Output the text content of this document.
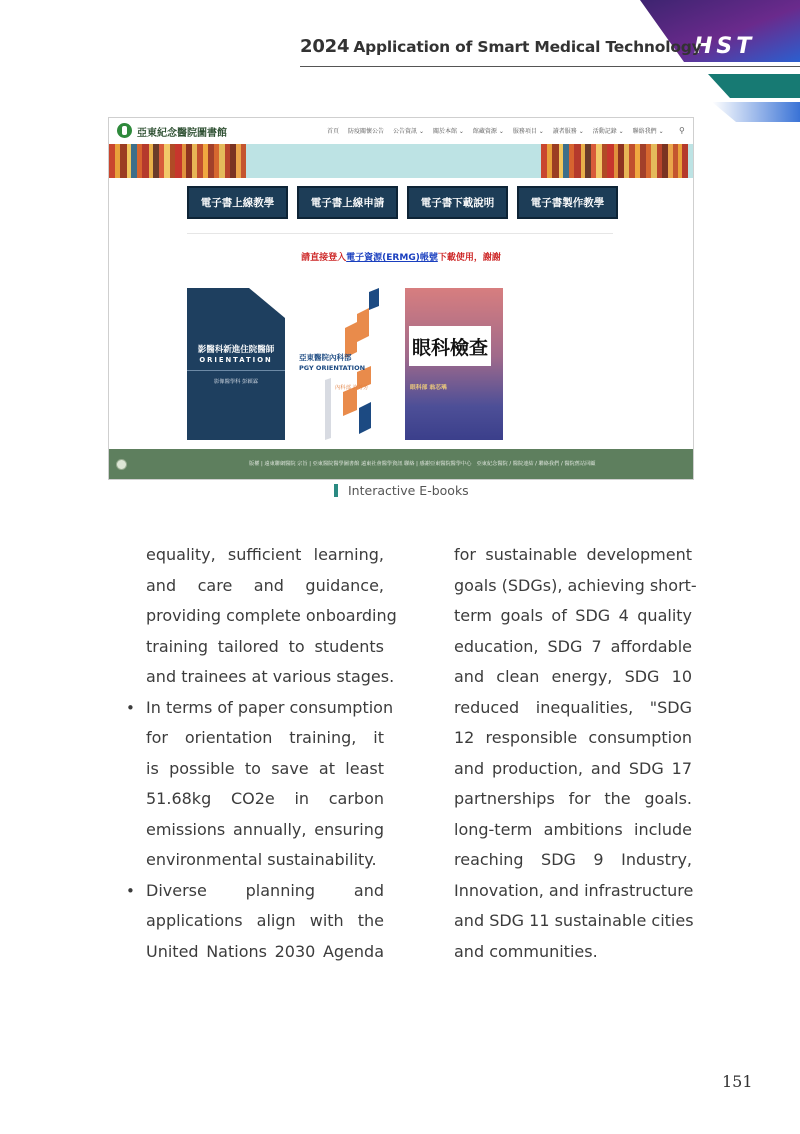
HST
2024 Application of Smart Medical Technology
亞東紀念醫院圖書館	首頁 防疫關懷公告 公告資訊 ⌄ 關於本館 ⌄ 館藏資源 ⌄ 服務項目 ⌄ 讀者服務 ⌄ 活動記錄 ⌄ 聯絡我們 ⌄ ⚲
電子書上線教學	電子書上線申請	電子書下載說明	電子書製作教學
請直接登入電子資源(ERMG)帳號下載使用，謝謝
影醫科新進住院醫師
ORIENTATION
影像醫學科 彭穎霖
亞東醫院內科部
PGY ORIENTATION
內科部 許芳芳
眼科檢查
眼科部 翁芯瑀
版權 | 遠東聯網醫院 宗旨 | 亞東醫院醫學圖書館 遠東社會醫學資訊 聯絡 | 感謝亞東醫院醫學中心　亞東紀念醫院 / 醫院連結 / 聯絡我們 / 醫院舊站回顧
Interactive E-books
equality, sufficient learning,
and care and guidance,
providing complete onboarding
training tailored to students
and trainees at various stages.
• In terms of paper consumption
for orientation training, it
is possible to save at least
51.68kg CO2e in carbon
emissions annually, ensuring
environmental sustainability.
• Diverse planning and
applications align with the
United Nations 2030 Agenda
for sustainable development
goals (SDGs), achieving short-
term goals of SDG 4 quality
education, SDG 7 affordable
and clean energy, SDG 10
reduced inequalities, "SDG
12 responsible consumption
and production, and SDG 17
partnerships for the goals.
long-term ambitions include
reaching SDG 9 Industry,
Innovation, and infrastructure
and SDG 11 sustainable cities
and communities.
151
